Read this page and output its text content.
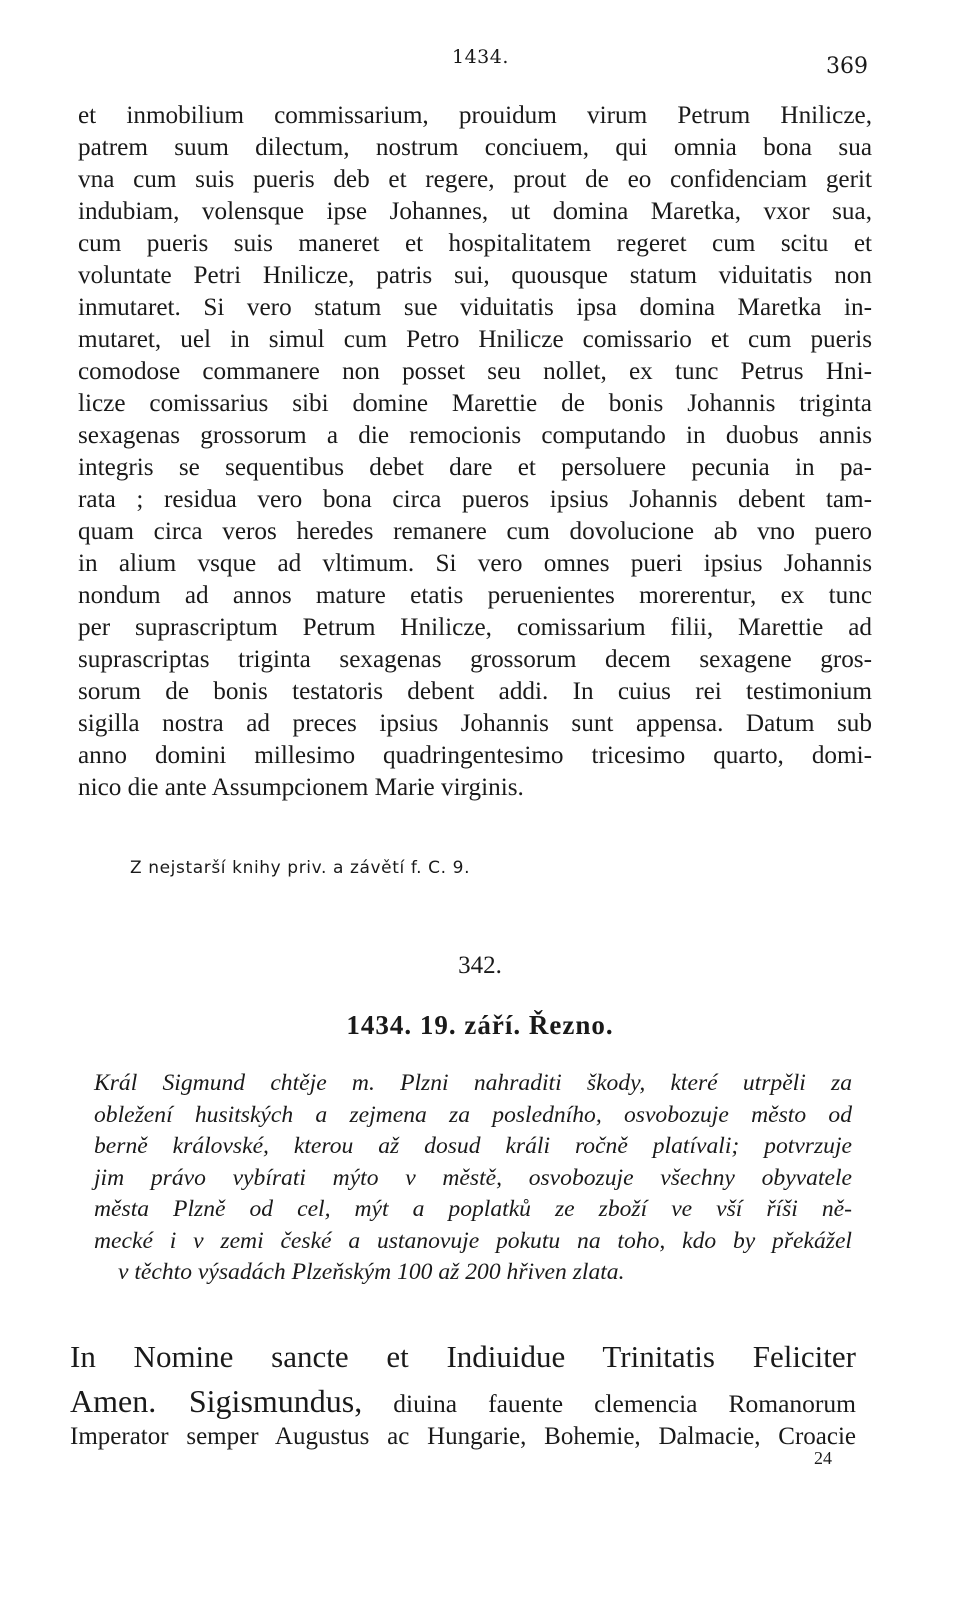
1434.	369
et inmobilium commissarium, prouidum virum Petrum Hnilicze,
patrem suum dilectum, nostrum conciuem, qui omnia bona sua
vna cum suis pueris deb et regere, prout de eo confidenciam gerit
indubiam, volensque ipse Johannes, ut domina Maretka, vxor sua,
cum pueris suis maneret et hospitalitatem regeret cum scitu et
voluntate Petri Hnilicze, patris sui, quousque statum viduitatis non
inmutaret. Si vero statum sue viduitatis ipsa domina Maretka in-
mutaret, uel in simul cum Petro Hnilicze comissario et cum pueris
comodose commanere non posset seu nollet, ex tunc Petrus Hni-
licze comissarius sibi domine Marettie de bonis Johannis triginta
sexagenas grossorum a die remocionis computando in duobus annis
integris se sequentibus debet dare et persoluere pecunia in pa-
rata ; residua vero bona circa pueros ipsius Johannis debent tam-
quam circa veros heredes remanere cum dovolucione ab vno puero
in alium vsque ad vltimum. Si vero omnes pueri ipsius Johannis
nondum ad annos mature etatis peruenientes morerentur, ex tunc
per suprascriptum Petrum Hnilicze, comissarium filii, Marettie ad
suprascriptas triginta sexagenas grossorum decem sexagene gros-
sorum de bonis testatoris debent addi. In cuius rei testimonium
sigilla nostra ad preces ipsius Johannis sunt appensa. Datum sub
anno domini millesimo quadringentesimo tricesimo quarto, domi-
nico die ante Assumpcionem Marie virginis.

Z nejstarší knihy priv. a závětí f. C. 9.

342.

1434. 19. září. Řezno.

Král Sigmund chtěje m. Plzni nahraditi škody, které utrpěli za
obležení husitských a zejmena za posledního, osvobozuje město od
berně královské, kterou až dosud králi ročně platívali; potvrzuje
jim právo vybírati mýto v městě, osvobozuje všechny obyvatele
města Plzně od cel, mýt a poplatků ze zboží ve vší říši ně-
mecké i v zemi české a ustanovuje pokutu na toho, kdo by překážel
v těchto výsadách Plzeňským 100 až 200 hřiven zlata.
In Nomine sancte et Indiuidue Trinitatis Feliciter
Amen. Sigismundus, diuina fauente clemencia Romanorum
Imperator semper Augustus ac Hungarie, Bohemie, Dalmacie, Croacie

24
